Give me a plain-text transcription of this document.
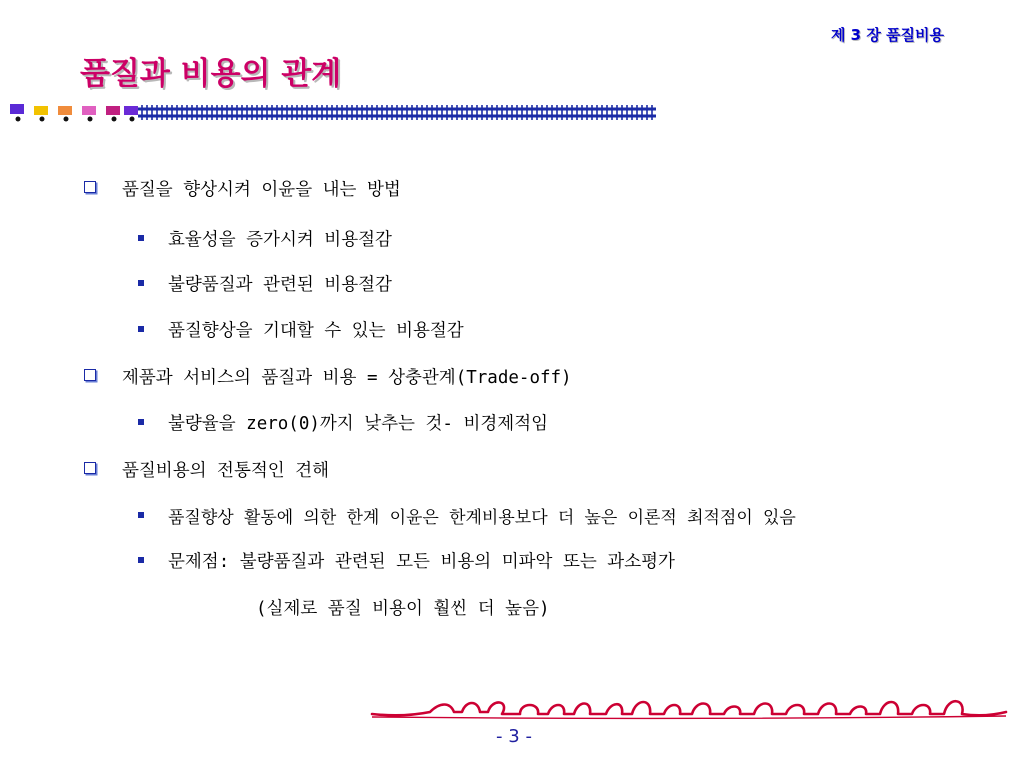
제 3 장 품질비용
품질과 비용의 관계
품질을 향상시켜 이윤을 내는 방법
효율성을 증가시켜 비용절감
불량품질과 관련된 비용절감
품질향상을 기대할 수 있는 비용절감
제품과 서비스의 품질과 비용 = 상충관계(Trade-off)
불량율을 zero(0)까지 낮추는 것- 비경제적임
품질비용의 전통적인 견해
품질향상 활동에 의한 한계 이윤은 한계비용보다 더 높은 이론적 최적점이 있음
문제점: 불량품질과 관련된 모든 비용의 미파악 또는 과소평가
(실제로 품질 비용이 훨씬 더 높음)
- 3 -
